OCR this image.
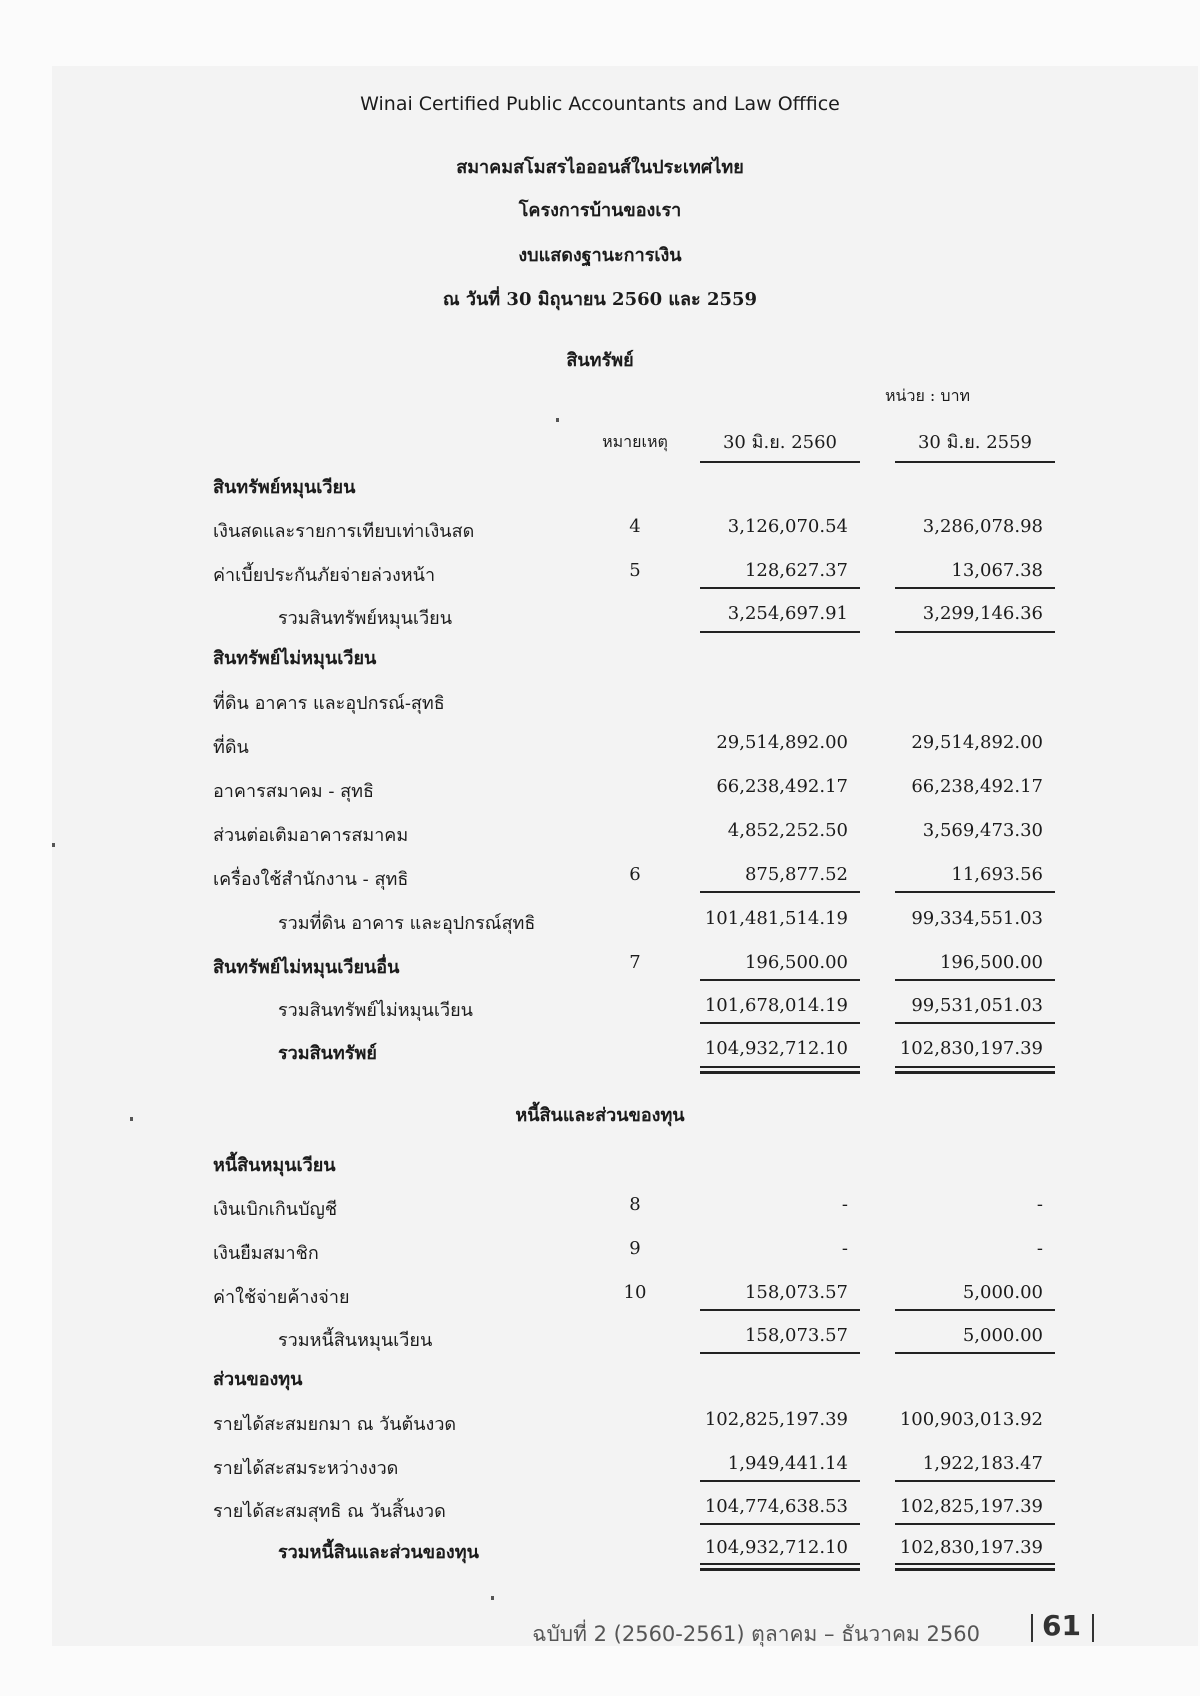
Winai Certified Public Accountants and Law Offfice
สมาคมสโมสรไอออนส์ในประเทศไทย
โครงการบ้านของเรา
งบแสดงฐานะการเงิน
ณ วันที่ 30 มิถุนายน 2560 และ 2559
สินทรัพย์
หน่วย : บาท
หมายเหตุ	30 มิ.ย. 2560	30 มิ.ย. 2559
สินทรัพย์หมุนเวียน
เงินสดและรายการเทียบเท่าเงินสด	4	3,126,070.54	3,286,078.98
ค่าเบี้ยประกันภัยจ่ายล่วงหน้า	5	128,627.37	13,067.38
รวมสินทรัพย์หมุนเวียน	3,254,697.91	3,299,146.36
สินทรัพย์ไม่หมุนเวียน
ที่ดิน อาคาร และอุปกรณ์-สุทธิ
ที่ดิน	29,514,892.00	29,514,892.00
อาคารสมาคม - สุทธิ	66,238,492.17	66,238,492.17
ส่วนต่อเติมอาคารสมาคม	4,852,252.50	3,569,473.30
เครื่องใช้สำนักงาน - สุทธิ	6	875,877.52	11,693.56
รวมที่ดิน อาคาร และอุปกรณ์สุทธิ	101,481,514.19	99,334,551.03
สินทรัพย์ไม่หมุนเวียนอื่น	7	196,500.00	196,500.00
รวมสินทรัพย์ไม่หมุนเวียน	101,678,014.19	99,531,051.03
รวมสินทรัพย์	104,932,712.10	102,830,197.39
หนี้สินและส่วนของทุน
หนี้สินหมุนเวียน
เงินเบิกเกินบัญชี	8	-	-
เงินยืมสมาชิก	9	-	-
ค่าใช้จ่ายค้างจ่าย	10	158,073.57	5,000.00
รวมหนี้สินหมุนเวียน	158,073.57	5,000.00
ส่วนของทุน
รายได้สะสมยกมา ณ วันต้นงวด	102,825,197.39	100,903,013.92
รายได้สะสมระหว่างงวด	1,949,441.14	1,922,183.47
รายได้สะสมสุทธิ ณ วันสิ้นงวด	104,774,638.53	102,825,197.39
รวมหนี้สินและส่วนของทุน	104,932,712.10	102,830,197.39
ฉบับที่ 2 (2560-2561) ตุลาคม – ธันวาคม 2560 61
